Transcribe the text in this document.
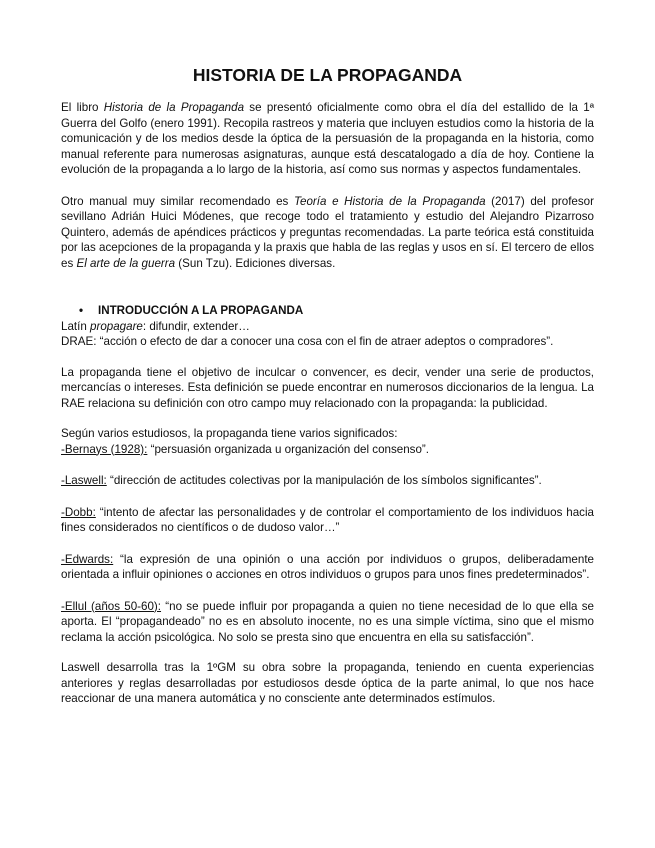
HISTORIA DE LA PROPAGANDA

El libro Historia de la Propaganda se presentó oficialmente como obra el día del estallido de la 1ª Guerra del Golfo (enero 1991). Recopila rastreos y materia que incluyen estudios como la historia de la comunicación y de los medios desde la óptica de la persuasión de la propaganda en la historia, como manual referente para numerosas asignaturas, aunque está descatalogado a día de hoy. Contiene la evolución de la propaganda a lo largo de la historia, así como sus normas y aspectos fundamentales.

Otro manual muy similar recomendado es Teoría e Historia de la Propaganda (2017) del profesor sevillano Adrián Huici Módenes, que recoge todo el tratamiento y estudio del Alejandro Pizarroso Quintero, además de apéndices prácticos y preguntas recomendadas. La parte teórica está constituida por las acepciones de la propaganda y la praxis que habla de las reglas y usos en sí. El tercero de ellos es El arte de la guerra (Sun Tzu). Ediciones diversas.

• INTRODUCCIÓN A LA PROPAGANDA

Latín propagare: difundir, extender…

DRAE: “acción o efecto de dar a conocer una cosa con el fin de atraer adeptos o compradores”.

La propaganda tiene el objetivo de inculcar o convencer, es decir, vender una serie de productos, mercancías o intereses. Esta definición se puede encontrar en numerosos diccionarios de la lengua. La RAE relaciona su definición con otro campo muy relacionado con la propaganda: la publicidad.

Según varios estudiosos, la propaganda tiene varios significados:

-Bernays (1928): “persuasión organizada u organización del consenso”.

-Laswell: “dirección de actitudes colectivas por la manipulación de los símbolos significantes”.

-Dobb: “intento de afectar las personalidades y de controlar el comportamiento de los individuos hacia fines considerados no científicos o de dudoso valor…”

-Edwards: “la expresión de una opinión o una acción por individuos o grupos, deliberadamente orientada a influir opiniones o acciones en otros individuos o grupos para unos fines predeterminados”.

-Ellul (años 50-60): “no se puede influir por propaganda a quien no tiene necesidad de lo que ella se aporta. El “propagandeado” no es en absoluto inocente, no es una simple víctima, sino que el mismo reclama la acción psicológica. No solo se presta sino que encuentra en ella su satisfacción”.

Laswell desarrolla tras la 1ºGM su obra sobre la propaganda, teniendo en cuenta experiencias anteriores y reglas desarrolladas por estudiosos desde óptica de la parte animal, lo que nos hace reaccionar de una manera automática y no consciente ante determinados estímulos.
